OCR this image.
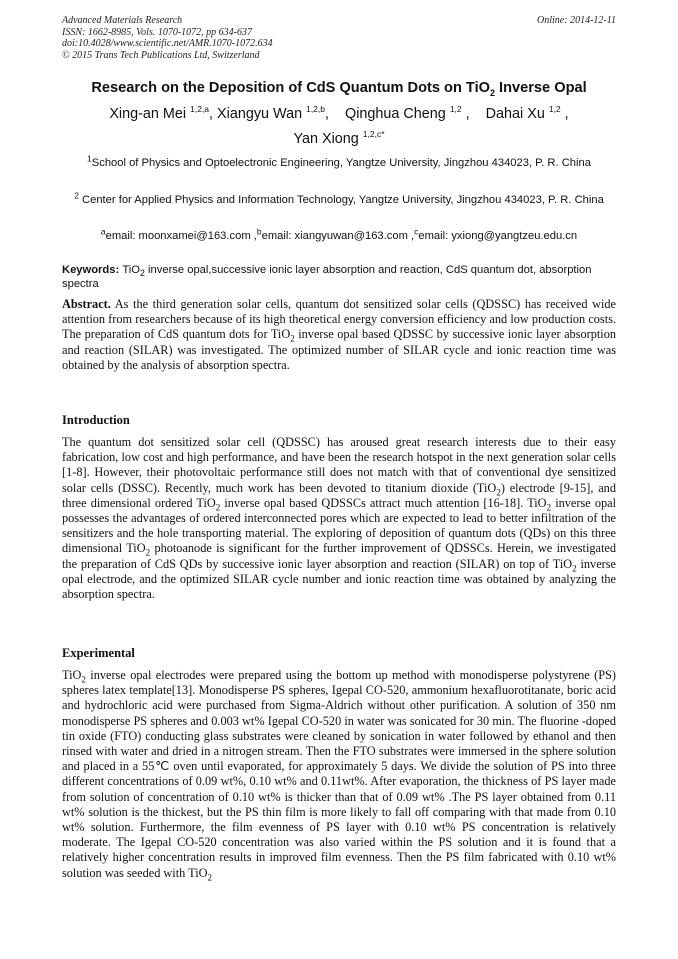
Advanced Materials Research
ISSN: 1662-8985, Vols. 1070-1072, pp 634-637
doi:10.4028/www.scientific.net/AMR.1070-1072.634
© 2015 Trans Tech Publications Ltd, Switzerland
Online: 2014-12-11
Research on the Deposition of CdS Quantum Dots on TiO$_2$ Inverse Opal
Xing-an Mei $^{1,2,a}$, Xiangyu Wan $^{1,2,b}$,    Qinghua Cheng $^{1,2}$ ,    Dahai Xu $^{1,2}$ ,
Yan Xiong $^{1,2,c*}$
$^1$School of Physics and Optoelectronic Engineering, Yangtze University, Jingzhou 434023, P. R. China
$^2$ Center for Applied Physics and Information Technology, Yangtze University, Jingzhou 434023, P. R. China
$^a$email: moonxamei@163.com ,$^b$email: xiangyuwan@163.com ,$^c$email: yxiong@yangtzeu.edu.cn
Keywords: TiO$_2$ inverse opal,successive ionic layer absorption and reaction, CdS quantum dot, absorption spectra
Abstract. As the third generation solar cells, quantum dot sensitized solar cells (QDSSC) has received wide attention from researchers because of its high theoretical energy conversion efficiency and low production costs. The preparation of CdS quantum dots for TiO$_2$ inverse opal based QDSSC by successive ionic layer absorption and reaction (SILAR) was investigated. The optimized number of SILAR cycle and ionic reaction time was obtained by the analysis of absorption spectra.
Introduction
The quantum dot sensitized solar cell (QDSSC) has aroused great research interests due to their easy fabrication, low cost and high performance, and have been the research hotspot in the next generation solar cells [1-8]. However, their photovoltaic performance still does not match with that of conventional dye sensitized solar cells (DSSC). Recently, much work has been devoted to titanium dioxide (TiO$_2$) electrode [9-15], and three dimensional ordered TiO$_2$ inverse opal based QDSSCs attract much attention [16-18]. TiO$_2$ inverse opal possesses the advantages of ordered interconnected pores which are expected to lead to better infiltration of the sensitizers and the hole transporting material. The exploring of deposition of quantum dots (QDs) on this three dimensional TiO$_2$ photoanode is significant for the further improvement of QDSSCs. Herein, we investigated the preparation of CdS QDs by successive ionic layer absorption and reaction (SILAR) on top of TiO$_2$ inverse opal electrode, and the optimized SILAR cycle number and ionic reaction time was obtained by analyzing the absorption spectra.
Experimental
TiO$_2$ inverse opal electrodes were prepared using the bottom up method with monodisperse polystyrene (PS) spheres latex template[13]. Monodisperse PS spheres, Igepal CO-520, ammonium hexafluorotitanate, boric acid and hydrochloric acid were purchased from Sigma-Aldrich without other purification. A solution of 350 nm monodisperse PS spheres and 0.003 wt% Igepal CO-520 in water was sonicated for 30 min. The fluorine -doped tin oxide (FTO) conducting glass substrates were cleaned by sonication in water followed by ethanol and then rinsed with water and dried in a nitrogen stream. Then the FTO substrates were immersed in the sphere solution and placed in a 55℃ oven until evaporated, for approximately 5 days. We divide the solution of PS into three different concentrations of 0.09 wt%, 0.10 wt% and 0.11wt%. After evaporation, the thickness of PS layer made from solution of concentration of 0.10 wt% is thicker than that of 0.09 wt% .The PS layer obtained from 0.11 wt% solution is the thickest, but the PS thin film is more likely to fall off comparing with that made from 0.10 wt% solution. Furthermore, the film evenness of PS layer with 0.10 wt% PS concentration is relatively moderate. The Igepal CO-520 concentration was also varied within the PS solution and it is found that a relatively higher concentration results in improved film evenness. Then the PS film fabricated with 0.10 wt% solution was seeded with TiO$_2$
